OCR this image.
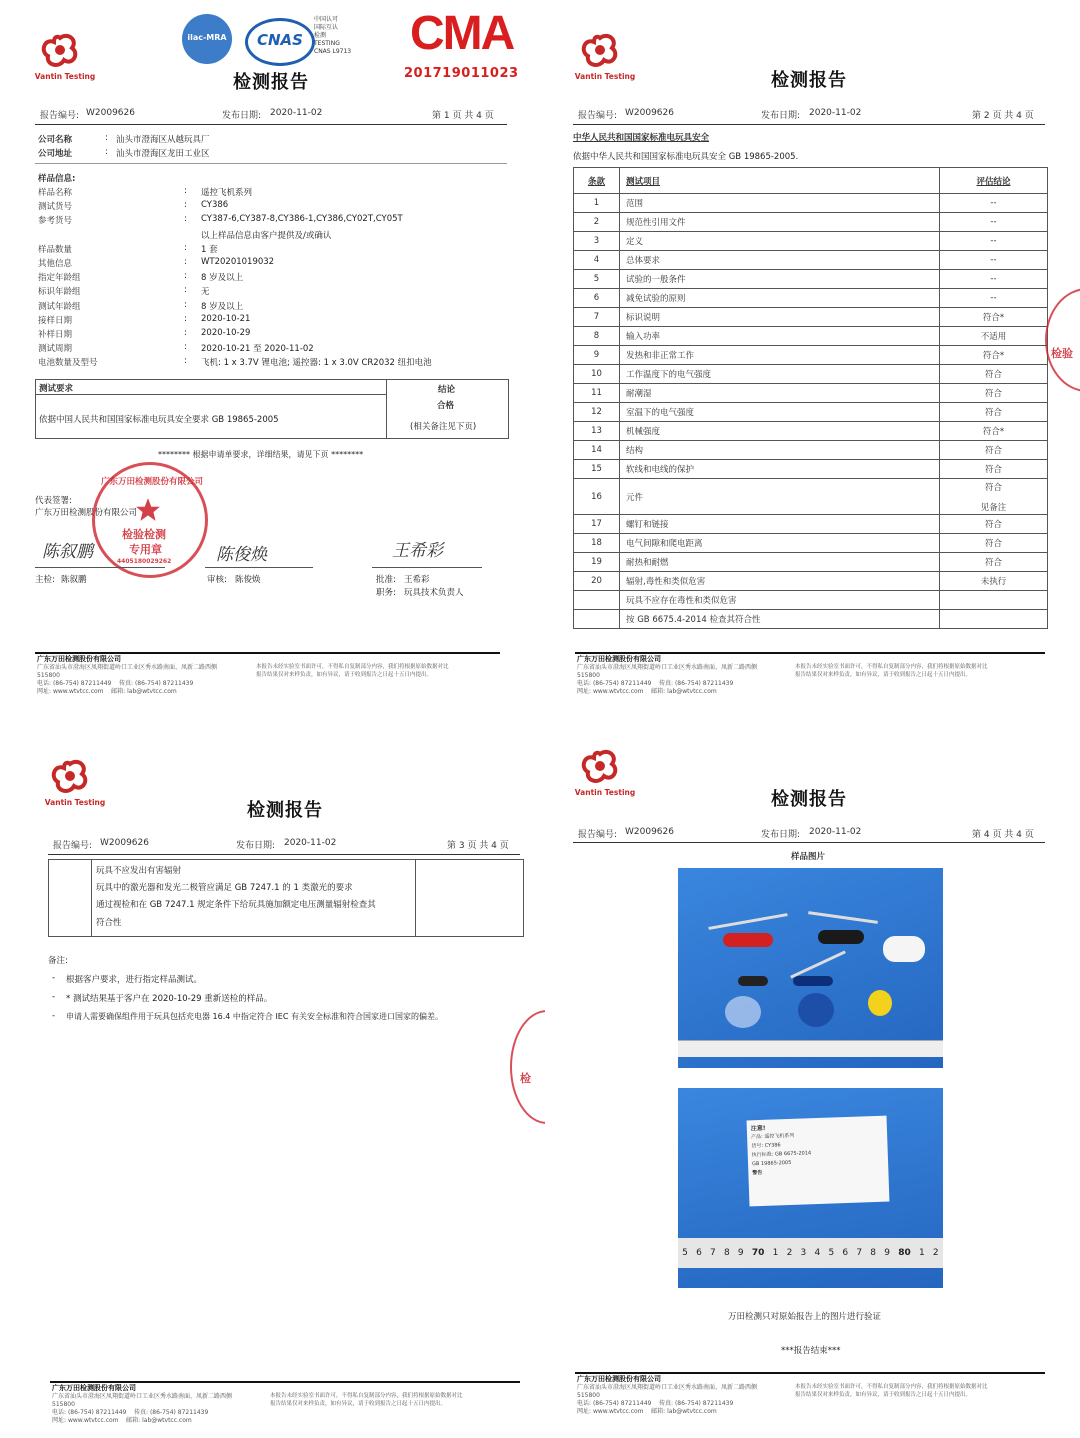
Vantin Testing
ilac-MRA	CNAS
中国认可
国际互认
检测
TESTING
CNAS L9713 CMA
201719011023
检测报告
报告编号: W2009626	发布日期: 2020-11-02	第 1 页 共 4 页
公司名称	: 汕头市澄海区从越玩具厂
公司地址	: 汕头市澄海区龙田工业区
样品信息:
样品名称	: 遥控飞机系列
测试货号	: CY386
参考货号	: CY387-6,CY387-8,CY386-1,CY386,CY02T,CY05T
以上样品信息由客户提供及/或确认
样品数量	: 1 套
其他信息	: WT20201019032
指定年龄组	: 8 岁及以上
标识年龄组	: 无
测试年龄组	: 8 岁及以上
接样日期	: 2020-10-21
补样日期	: 2020-10-29
测试周期	: 2020-10-21 至 2020-11-02
电池数量及型号	: 飞机: 1 x 3.7V 锂电池; 遥控器: 1 x 3.0V CR2032 纽扣电池
测试要求	结论
依据中国人民共和国国家标准电玩具安全要求 GB 19865-2005
合格
(相关备注见下页)
******** 根据申请单要求，详细结果，请见下页 ********
代表签署:
广东万田检测股份有限公司
广东万田检测股份有限公司
检验检测
专用章
4405180029262
陈叙鹏	陈俊焕	王希彩
主检: 陈叙鹏	审核: 陈俊焕	批准: 王希彩
职务: 玩具技术负责人
广东万田检测股份有限公司
广东省汕头市澄海区凤翔街道岭口工业区秀水路南面、凤新二路西侧
515800
电话: (86-754) 87211449 传真: (86-754) 87211439
网址: www.wtvtcc.com 邮箱: lab@wtvtcc.com
本报告未经实验室书面许可，不得私自复制部分内容，我们将根据原始数据对比
报告结果仅对来样负责，如有异议，请于收到报告之日起十五日内提出。
Vantin Testing	检测报告
报告编号: W2009626	发布日期: 2020-11-02	第 2 页 共 4 页
中华人民共和国国家标准电玩具安全
依据中华人民共和国国家标准电玩具安全 GB 19865-2005.
条款	测试项目	评估结论
1	范围	--

2	规范性引用文件	--

3	定义	--

4	总体要求	--

5	试验的一般条件	--

6	减免试验的原则	--

7	标识说明	符合*

8	输入功率	不适用

9	发热和非正常工作	符合*

10	工作温度下的电气强度	符合

11	耐潮湿	符合

12	室温下的电气强度	符合

13	机械强度	符合*

14	结构	符合

15	软线和电线的保护	符合

16	元件	符合
见备注

17	螺钉和链接	符合

18	电气间隙和爬电距离	符合

19	耐热和耐燃	符合

20	辐射,毒性和类似危害	未执行

	玩具不应存在毒性和类似危害	
	按 GB 6675.4-2014 检查其符合性	
检验
广东万田检测股份有限公司
广东省汕头市澄海区凤翔街道岭口工业区秀水路南面、凤新二路西侧
515800
电话: (86-754) 87211449 传真: (86-754) 87211439
网址: www.wtvtcc.com 邮箱: lab@wtvtcc.com
本报告未经实验室书面许可，不得私自复制部分内容，我们将根据原始数据对比
报告结果仅对来样负责，如有异议，请于收到报告之日起十五日内提出。
Vantin Testing	检测报告
报告编号: W2009626	发布日期: 2020-11-02	第 3 页 共 4 页
玩具不应发出有害辐射
玩具中的激光器和发光二极管应满足 GB 7247.1 的 1 类激光的要求
通过视检和在 GB 7247.1 规定条件下给玩具施加额定电压测量辐射检查其
符合性
备注:
- 根据客户要求，进行指定样品测试。
- * 测试结果基于客户在 2020-10-29 重新送检的样品。
- 申请人需要确保组件用于玩具包括充电器 16.4 中指定符合 IEC 有关安全标准和符合国家进口国家的偏差。
检
广东万田检测股份有限公司
广东省汕头市澄海区凤翔街道岭口工业区秀水路南面、凤新二路西侧
515800
电话: (86-754) 87211449 传真: (86-754) 87211439
网址: www.wtvtcc.com 邮箱: lab@wtvtcc.com
本报告未经实验室书面许可，不得私自复制部分内容，我们将根据原始数据对比
报告结果仅对来样负责，如有异议，请于收到报告之日起十五日内提出。
Vantin Testing	检测报告
报告编号: W2009626	发布日期: 2020-11-02	第 4 页 共 4 页
样品图片
注意!
产品: 遥控飞机系列
货号: CY386
执行标准: GB 6675-2014
GB 19865-2005
警告
5 6 7 8 9 70 1 2 3 4 5 6 7 8 9 80 1 2
万田检测只对原始报告上的图片进行验证
***报告结束***
广东万田检测股份有限公司
广东省汕头市澄海区凤翔街道岭口工业区秀水路南面、凤新二路西侧
515800
电话: (86-754) 87211449 传真: (86-754) 87211439
网址: www.wtvtcc.com 邮箱: lab@wtvtcc.com
本报告未经实验室书面许可，不得私自复制部分内容，我们将根据原始数据对比
报告结果仅对来样负责，如有异议，请于收到报告之日起十五日内提出。
